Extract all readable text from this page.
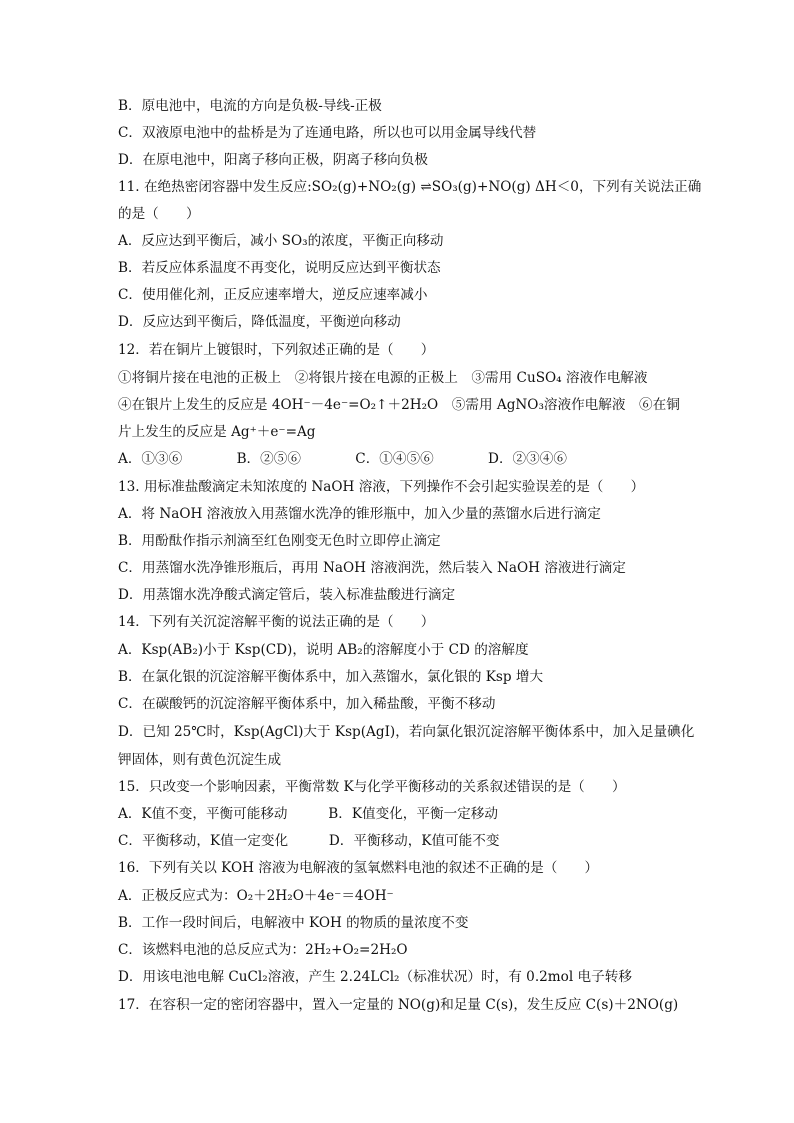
B．原电池中，电流的方向是负极-导线-正极
C．双液原电池中的盐桥是为了连通电路，所以也可以用金属导线代替
D．在原电池中，阳离子移向正极，阴离子移向负极
11. 在绝热密闭容器中发生反应:SO₂(g)+NO₂(g) ⇌SO₃(g)+NO(g) ΔH＜0，下列有关说法正确
的是（　　）
A．反应达到平衡后，减小 SO₃的浓度，平衡正向移动
B．若反应体系温度不再变化，说明反应达到平衡状态
C．使用催化剂，正反应速率增大，逆反应速率减小
D．反应达到平衡后，降低温度，平衡逆向移动
12．若在铜片上镀银时，下列叙述正确的是（　　）
①将铜片接在电池的正极上　②将银片接在电源的正极上　③需用 CuSO₄ 溶液作电解液
④在银片上发生的反应是 4OH⁻－4e⁻=O₂↑＋2H₂O　⑤需用 AgNO₃溶液作电解液　⑥在铜
片上发生的反应是 Ag⁺＋e⁻=Ag
A．①③⑥　　　　B．②⑤⑥　　　　C．①④⑤⑥　　　　D．②③④⑥
13. 用标准盐酸滴定未知浓度的 NaOH 溶液，下列操作不会引起实验误差的是（　　）
A．将 NaOH 溶液放入用蒸馏水洗净的锥形瓶中，加入少量的蒸馏水后进行滴定
B．用酚酞作指示剂滴至红色刚变无色时立即停止滴定
C．用蒸馏水洗净锥形瓶后，再用 NaOH 溶液润洗，然后装入 NaOH 溶液进行滴定
D．用蒸馏水洗净酸式滴定管后，装入标准盐酸进行滴定
14．下列有关沉淀溶解平衡的说法正确的是（　　）
A．Ksp(AB₂)小于 Ksp(CD)，说明 AB₂的溶解度小于 CD 的溶解度
B．在氯化银的沉淀溶解平衡体系中，加入蒸馏水，氯化银的 Ksp 增大
C．在碳酸钙的沉淀溶解平衡体系中，加入稀盐酸，平衡不移动
D．已知 25℃时，Ksp(AgCl)大于 Ksp(AgI)，若向氯化银沉淀溶解平衡体系中，加入足量碘化
钾固体，则有黄色沉淀生成
15．只改变一个影响因素，平衡常数 K与化学平衡移动的关系叙述错误的是（　　）
A．K值不变，平衡可能移动　　　B．K值变化，平衡一定移动
C．平衡移动，K值一定变化　　　D．平衡移动，K值可能不变
16．下列有关以 KOH 溶液为电解液的氢氧燃料电池的叙述不正确的是（　　）
A．正极反应式为：O₂＋2H₂O＋4e⁻＝4OH⁻
B．工作一段时间后，电解液中 KOH 的物质的量浓度不变
C．该燃料电池的总反应式为：2H₂+O₂=2H₂O
D．用该电池电解 CuCl₂溶液，产生 2.24LCl₂（标准状况）时，有 0.2mol 电子转移
17．在容积一定的密闭容器中，置入一定量的 NO(g)和足量 C(s)，发生反应 C(s)＋2NO(g)
